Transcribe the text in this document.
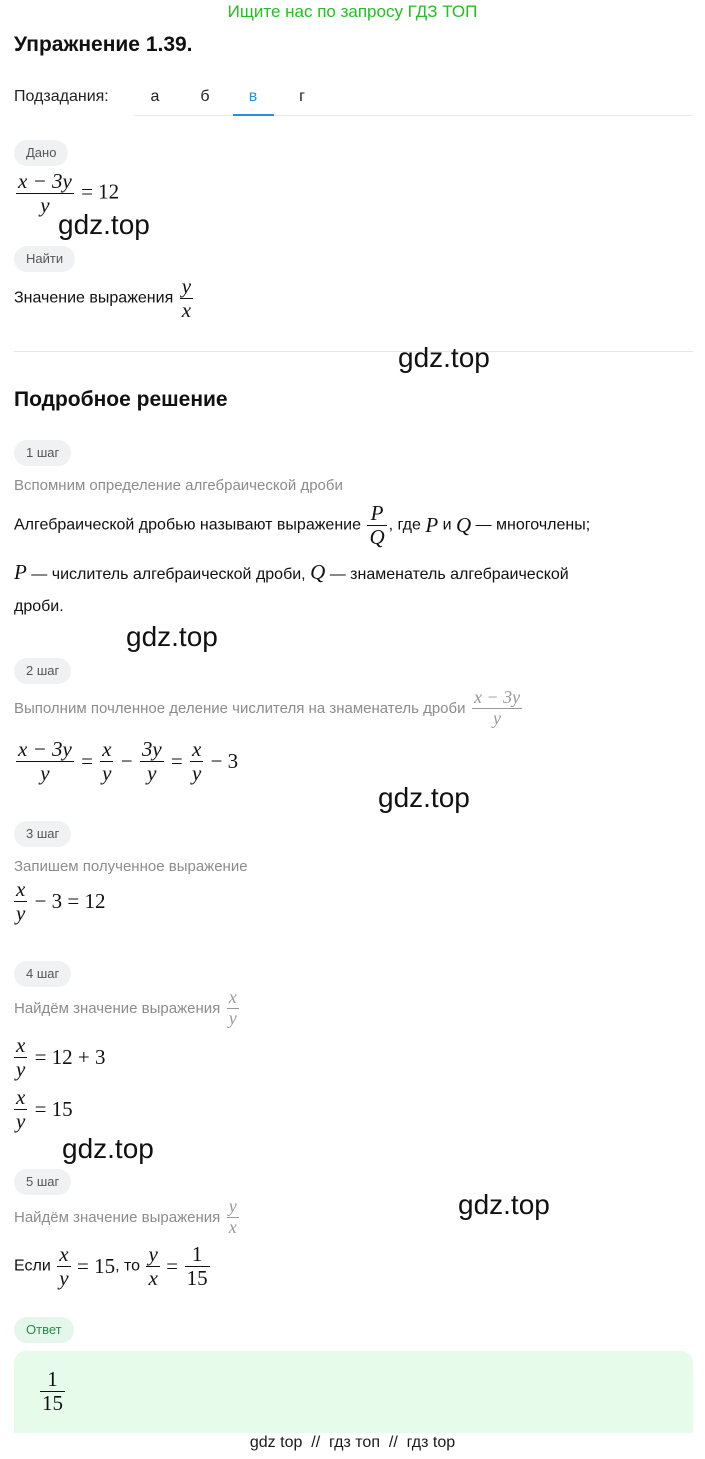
Ищите нас по запросу ГДЗ ТОП
Упражнение 1.39.
Подзадания:	а	б	в	г
Дано
$\frac{x - 3y}{y} = 12$
Найти
Значение выражения $\frac{y}{x}$
Подробное решение
1 шаг
Вспомним определение алгебраической дроби
Алгебраической дробью называют выражение $\frac{P}{Q}$ , где P и Q — многочлены;
P — числитель алгебраической дроби, Q — знаменатель алгебраической
дроби.
2 шаг
Выполним почленное деление числителя на знаменатель дроби $\frac{x - 3y}{y}$
$\frac{x - 3y}{y} = \frac{x}{y} - \frac{3y}{y} = \frac{x}{y} - 3$
3 шаг
Запишем полученное выражение
$\frac{x}{y} - 3 = 12$
4 шаг
Найдём значение выражения $\frac{x}{y}$
$\frac{x}{y} = 12 + 3$
$\frac{x}{y} = 15$
5 шаг
Найдём значение выражения $\frac{y}{x}$
Если $\frac{x}{y} = 15$, то $\frac{y}{x} = \frac{1}{15}$
Ответ
$\frac{1}{15}$
gdz.top
gdz.top
gdz.top
gdz.top
gdz.top
gdz.top
gdz top  //  гдз топ  //  гдз top
